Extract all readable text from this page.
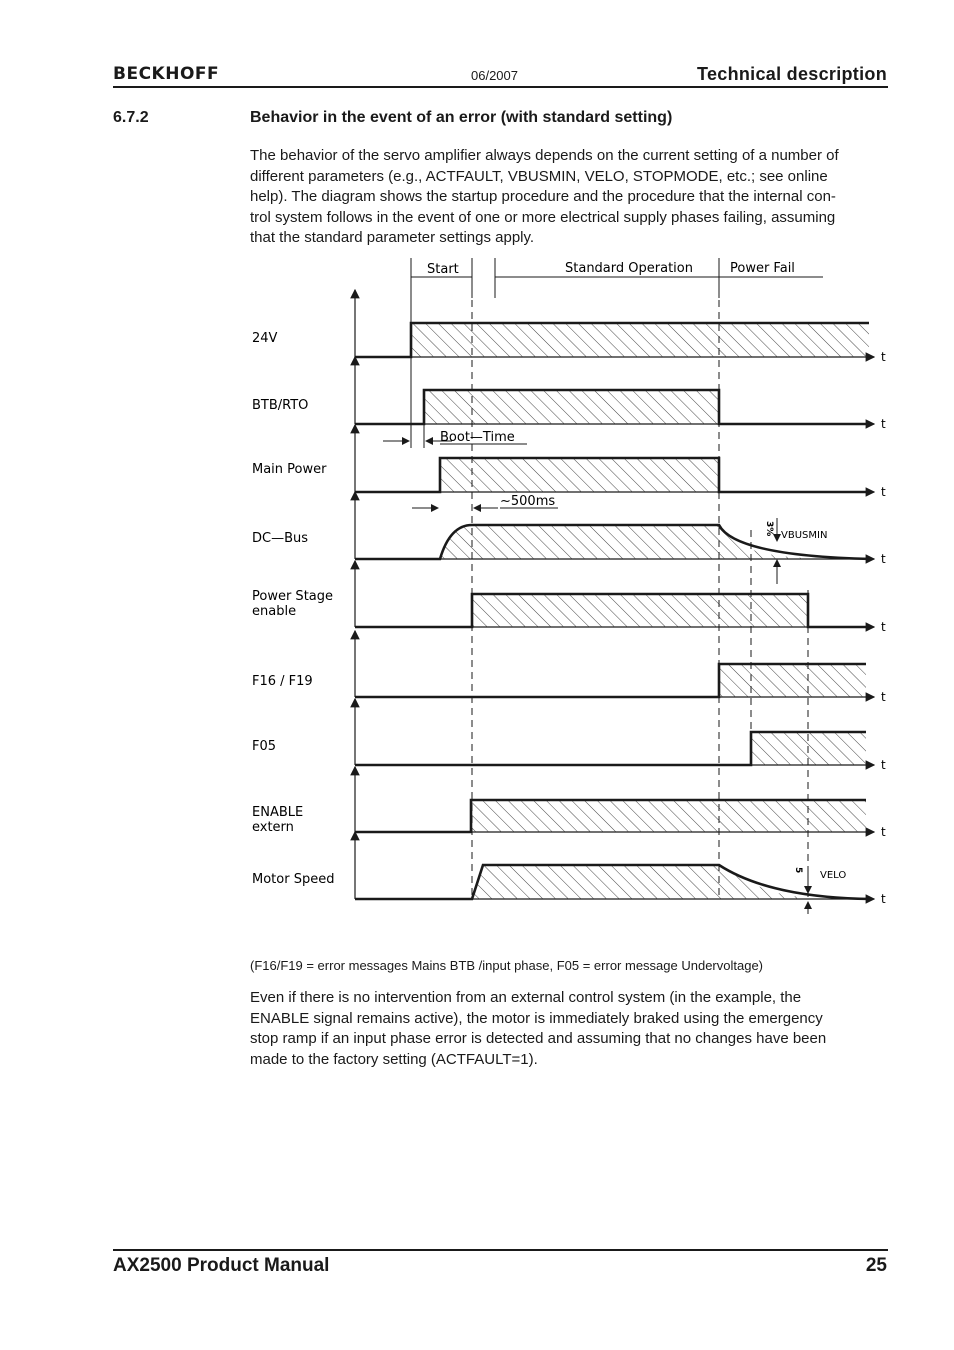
BECKHOFF	06/2007	Technical description
6.7.2	Behavior in the event of an error (with standard setting)
The behavior of the servo amplifier always depends on the current setting of a number of
different parameters (e.g., ACTFAULT, VBUSMIN, VELO, STOPMODE, etc.; see online
help). The diagram shows the startup procedure and the procedure that the internal con-
trol system follows in the event of one or more electrical supply phases failing, assuming
that the standard parameter settings apply.
Start	Standard Operation	Power Fail
t
t
t
t
t
t
t
t
t
24V
BTB/RTO
Main Power
DC—Bus
Power Stage
enable
F16 / F19
F05
ENABLE
extern
Motor Speed
Boot—Time
~500ms
3% VBUSMIN
5 VELO
(F16/F19 = error messages Mains BTB /input phase, F05 = error message Undervoltage)
Even if there is no intervention from an external control system (in the example, the
ENABLE signal remains active), the motor is immediately braked using the emergency
stop ramp if an input phase error is detected and assuming that no changes have been
made to the factory setting (ACTFAULT=1).
AX2500 Product Manual	25
